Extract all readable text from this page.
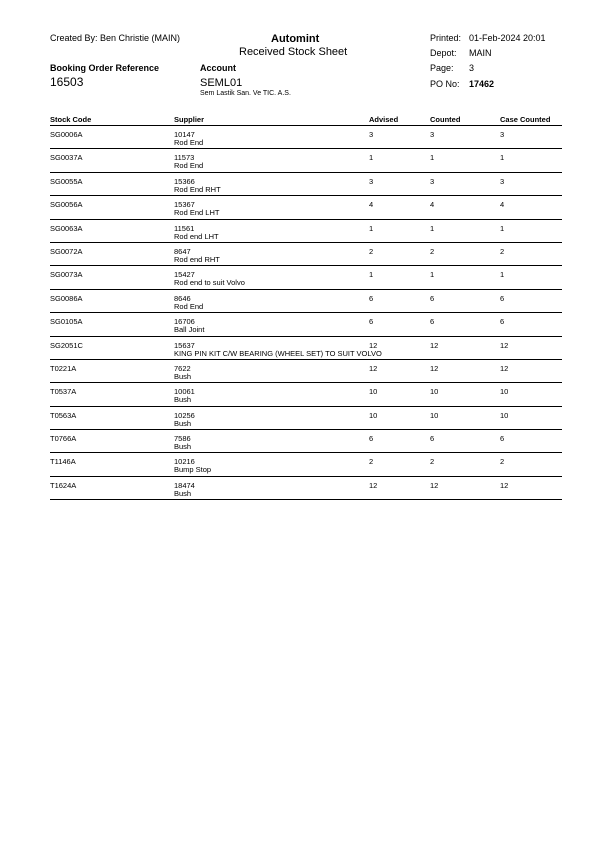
Created By: Ben Christie (MAIN)
Booking Order Reference
16503
Automint
Received Stock Sheet
Account
SEML01
Sem Lastik San. Ve TIC. A.S.
Printed: 01-Feb-2024 20:01
Depot: MAIN
Page: 3
PO No: 17462
Stock Code	Supplier	Advised	Counted	Case Counted
SG0006A	10147
Rod End
3	3	3
SG0037A	11573
Rod End
1	1	1
SG0055A	15366
Rod End RHT
3	3	3
SG0056A	15367
Rod End LHT
4	4	4
SG0063A	11561
Rod end LHT
1	1	1
SG0072A	8647
Rod end RHT
2	2	2
SG0073A	15427
Rod end to suit Volvo
1	1	1
SG0086A	8646
Rod End
6	6	6
SG0105A	16706
Ball Joint
6	6	6
SG2051C	15637
KING PIN KIT C/W BEARING (WHEEL SET) TO SUIT VOLVO
12	12	12
T0221A	7622
Bush
12	12	12
T0537A	10061
Bush
10	10	10
T0563A	10256
Bush
10	10	10
T0766A	7586
Bush
6	6	6
T1146A	10216
Bump Stop
2	2	2
T1624A	18474
Bush
12	12	12
